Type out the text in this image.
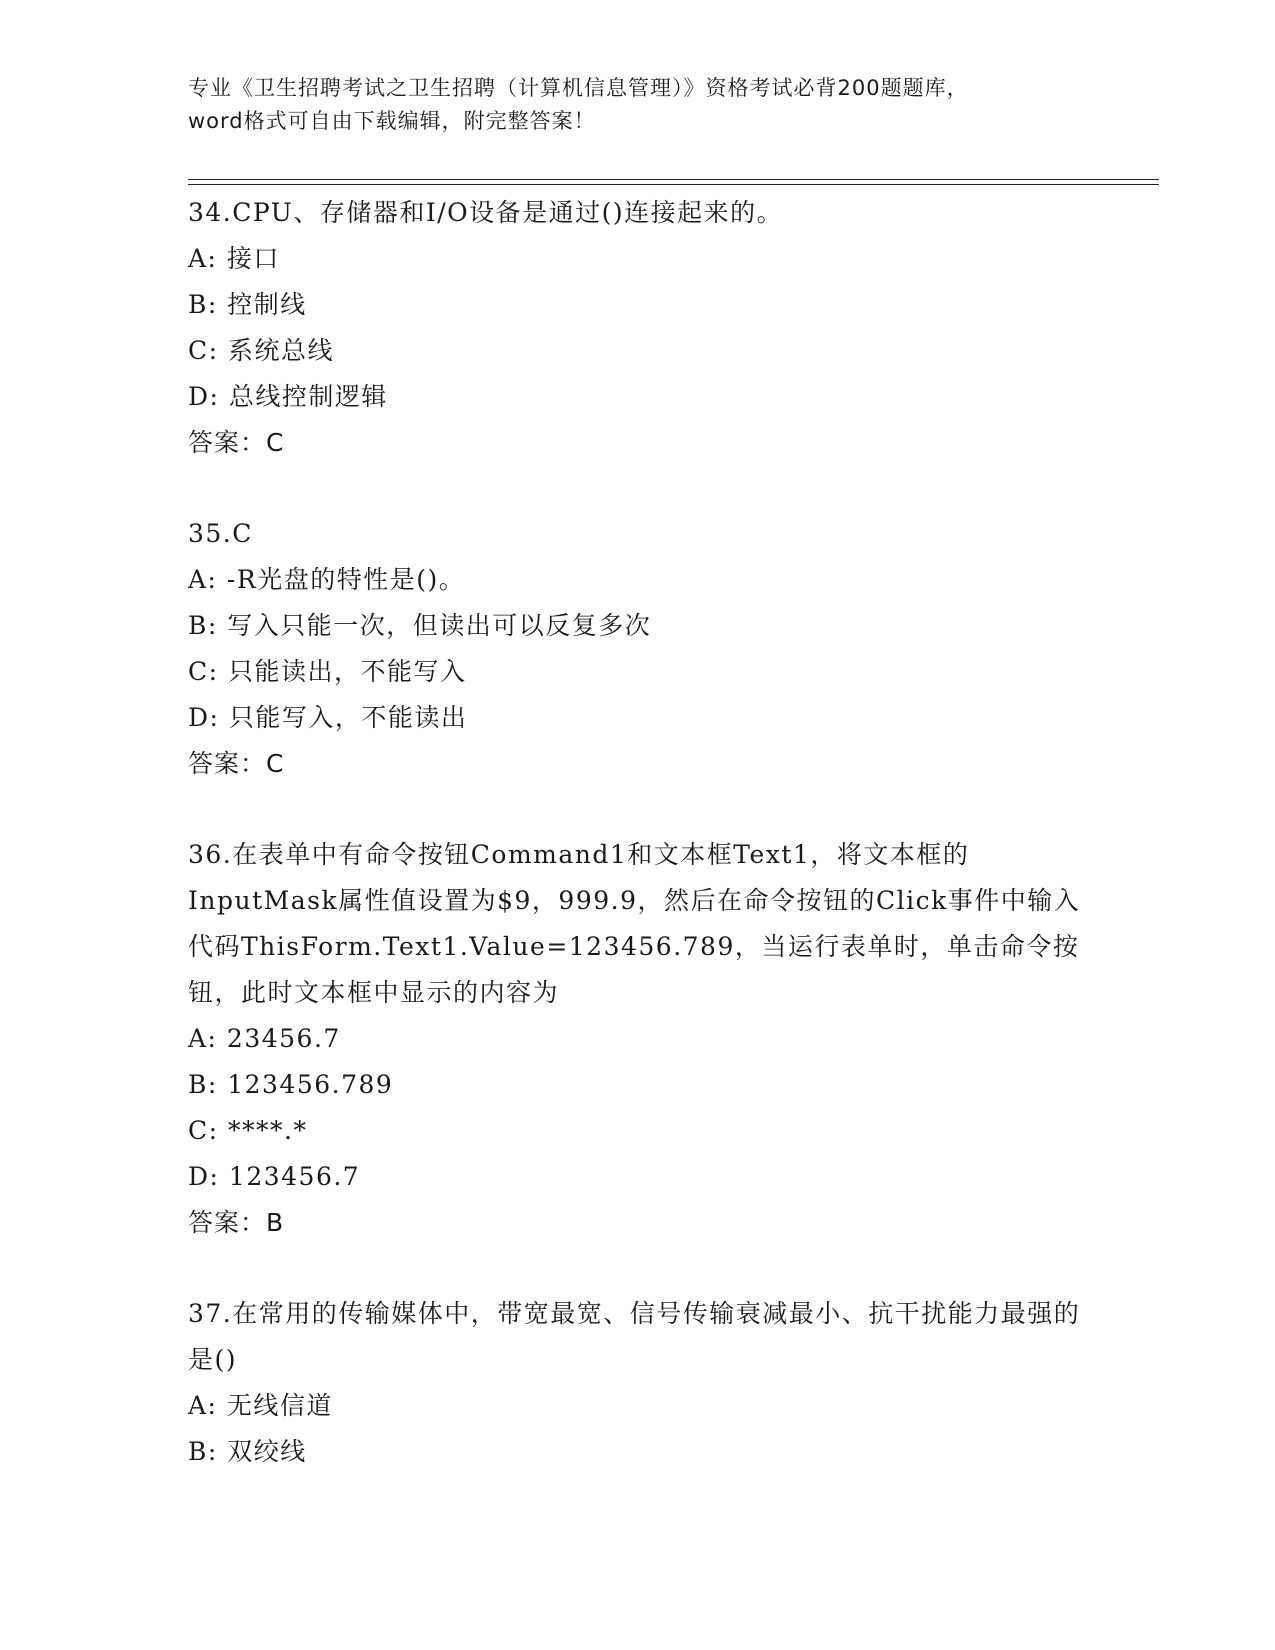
专业《卫生招聘考试之卫生招聘（计算机信息管理）》资格考试必背200题题库，
word格式可自由下载编辑，附完整答案！
34.CPU、存储器和I/O设备是通过()连接起来的。
A: 接口
B: 控制线
C: 系统总线
D: 总线控制逻辑
答案：C
35.C
A: -R光盘的特性是()。
B: 写入只能一次，但读出可以反复多次
C: 只能读出，不能写入
D: 只能写入，不能读出
答案：C
36.在表单中有命令按钮Command1和文本框Text1，将文本框的InputMask属性值设置为$9，999.9，然后在命令按钮的Click事件中输入代码ThisForm.Text1.Value=123456.789，当运行表单时，单击命令按钮，此时文本框中显示的内容为
A: 23456.7
B: 123456.789
C: ****.*
D: 123456.7
答案：B
37.在常用的传输媒体中，带宽最宽、信号传输衰减最小、抗干扰能力最强的是()
A: 无线信道
B: 双绞线
